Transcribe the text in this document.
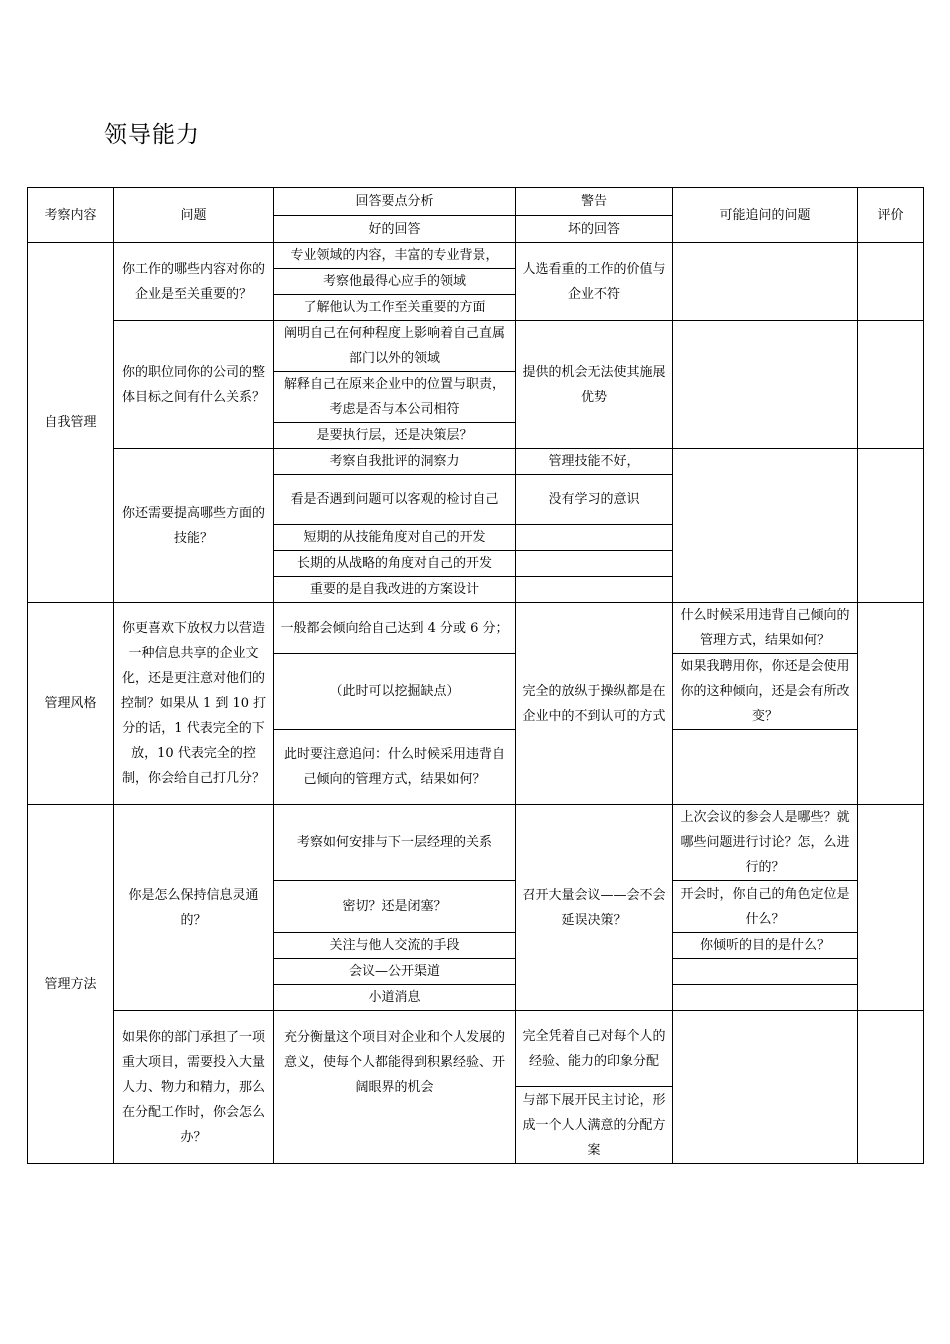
领导能力
考察内容	问题	回答要点分析	警告	可能追问的问题	评价
		好的回答	坏的回答		
自我管理	你工作的哪些内容对你的企业是至关重要的？	专业领域的内容，丰富的专业背景，	人选看重的工作的价值与企业不符		
		考察他最得心应手的领域			
		了解他认为工作至关重要的方面			
	你的职位同你的公司的整体目标之间有什么关系？	阐明自己在何种程度上影响着自己直属部门以外的领域	提供的机会无法使其施展优势		
		解释自己在原来企业中的位置与职责，考虑是否与本公司相符			
		是要执行层，还是决策层？			
	你还需要提高哪些方面的技能？	考察自我批评的洞察力	管理技能不好，		
		看是否遇到问题可以客观的检讨自己	没有学习的意识		
		短期的从技能角度对自己的开发			
		长期的从战略的角度对自己的开发			
		重要的是自我改进的方案设计			
管理风格	你更喜欢下放权力以营造一种信息共享的企业文化，还是更注意对他们的控制？如果从 1 到 10 打分的话，1 代表完全的下放，10 代表完全的控制，你会给自己打几分？	一般都会倾向给自己达到 4 分或 6 分；	完全的放纵于操纵都是在企业中的不到认可的方式	什么时候采用违背自己倾向的管理方式，结果如何？	
		（此时可以挖掘缺点）		如果我聘用你，你还是会使用你的这种倾向，还是会有所改变？	

		此时要注意追问：什么时候采用违背自己倾向的管理方式，结果如何？			
管理方法	你是怎么保持信息灵通的？	考察如何安排与下一层经理的关系	召开大量会议——会不会延误决策？	上次会议的参会人是哪些？就哪些问题进行讨论？怎，么进行的？	
		密切？还是闭塞？		开会时，你自己的角色定位是什么？	
		关注与他人交流的手段		你倾听的目的是什么？	
		会议—公开渠道			
		小道消息			
	如果你的部门承担了一项重大项目，需要投入大量人力、物力和精力，那么在分配工作时，你会怎么办？	充分衡量这个项目对企业和个人发展的意义，使每个人都能得到积累经验、开阔眼界的机会	完全凭着自己对每个人的经验、能力的印象分配		
			与部下展开民主讨论，形成一个人人满意的分配方案		
